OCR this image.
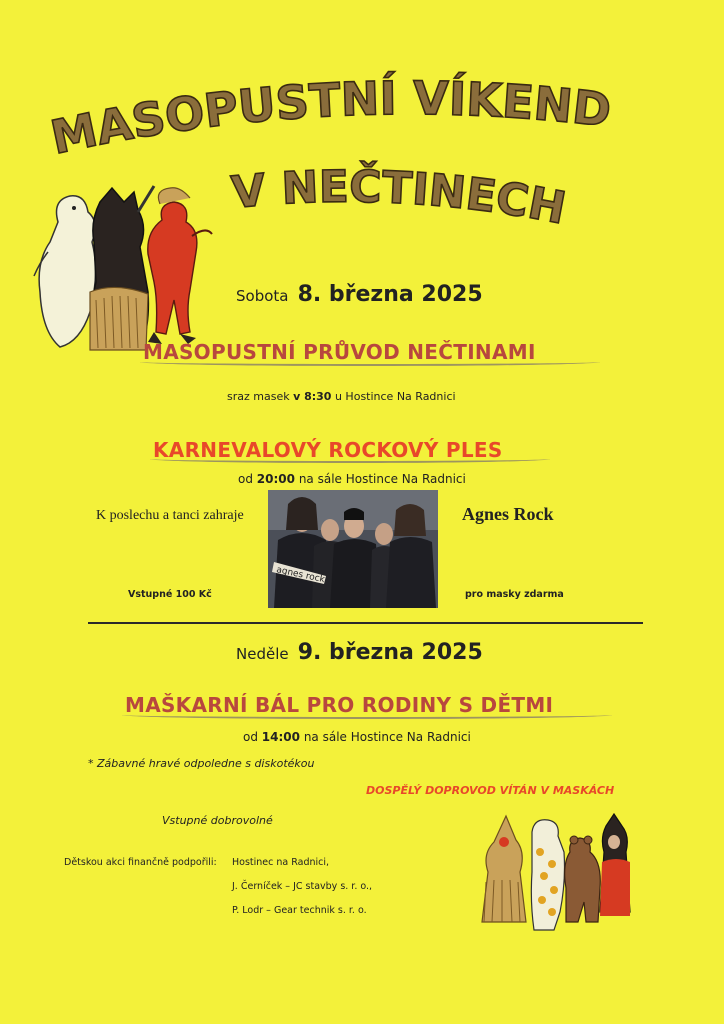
MASOPUSTNÍ VÍKEND
V NEČTINECH
Sobota 8. března 2025
MASOPUSTNÍ PRŮVOD NEČTINAMI
sraz masek v 8:30 u Hostince Na Radnici
KARNEVALOVÝ ROCKOVÝ PLES
od 20:00 na sále Hostince Na Radnici
K poslechu a tanci zahraje	Agnes Rock
agnes rock
Vstupné 100 Kč	pro masky zdarma
Neděle 9. března 2025
MAŠKARNÍ BÁL PRO RODINY S DĚTMI
od 14:00 na sále Hostince Na Radnici
* Zábavné hravé odpoledne s diskotékou
DOSPĚLÝ DOPROVOD VÍTÁN V MASKÁCH
Vstupné dobrovolné
Dětskou akci finančně podpořili: Hostinec na Radnici,
J. Černíček – JC stavby s. r. o.,
P. Lodr – Gear technik s. r. o.
